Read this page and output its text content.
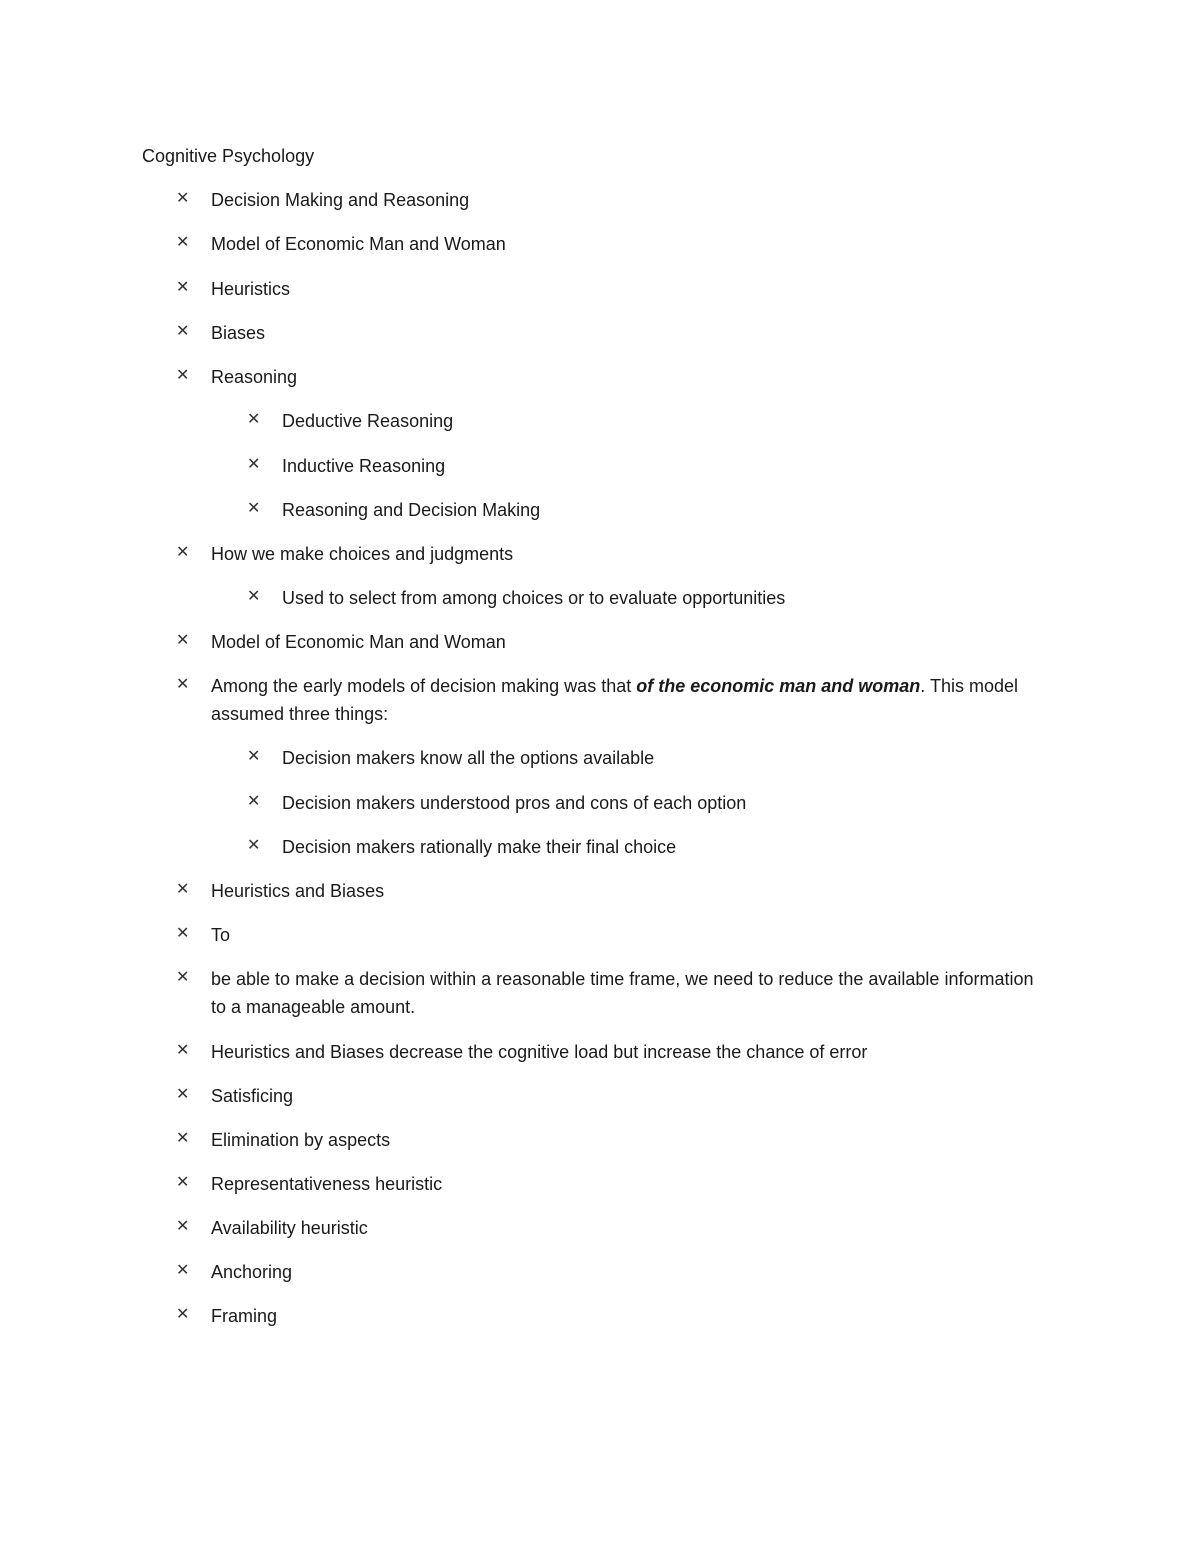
Cognitive Psychology
✕	Decision Making and Reasoning
✕	Model of Economic Man and Woman
✕	Heuristics
✕	Biases
✕	Reasoning
✕	Deductive Reasoning
✕	Inductive Reasoning
✕	Reasoning and Decision Making
✕	How we make choices and judgments
✕	Used to select from among choices or to evaluate opportunities
✕	Model of Economic Man and Woman
✕	Among the early models of decision making was that of the economic man and woman. This model assumed three things:
✕	Decision makers know all the options available
✕	Decision makers understood pros and cons of each option
✕	Decision makers rationally make their final choice
✕	Heuristics and Biases
✕	To
✕	be able to make a decision within a reasonable time frame, we need to reduce the available information to a manageable amount.
✕	Heuristics and Biases decrease the cognitive load but increase the chance of error
✕	Satisficing
✕	Elimination by aspects
✕	Representativeness heuristic
✕	Availability heuristic
✕	Anchoring
✕	Framing
